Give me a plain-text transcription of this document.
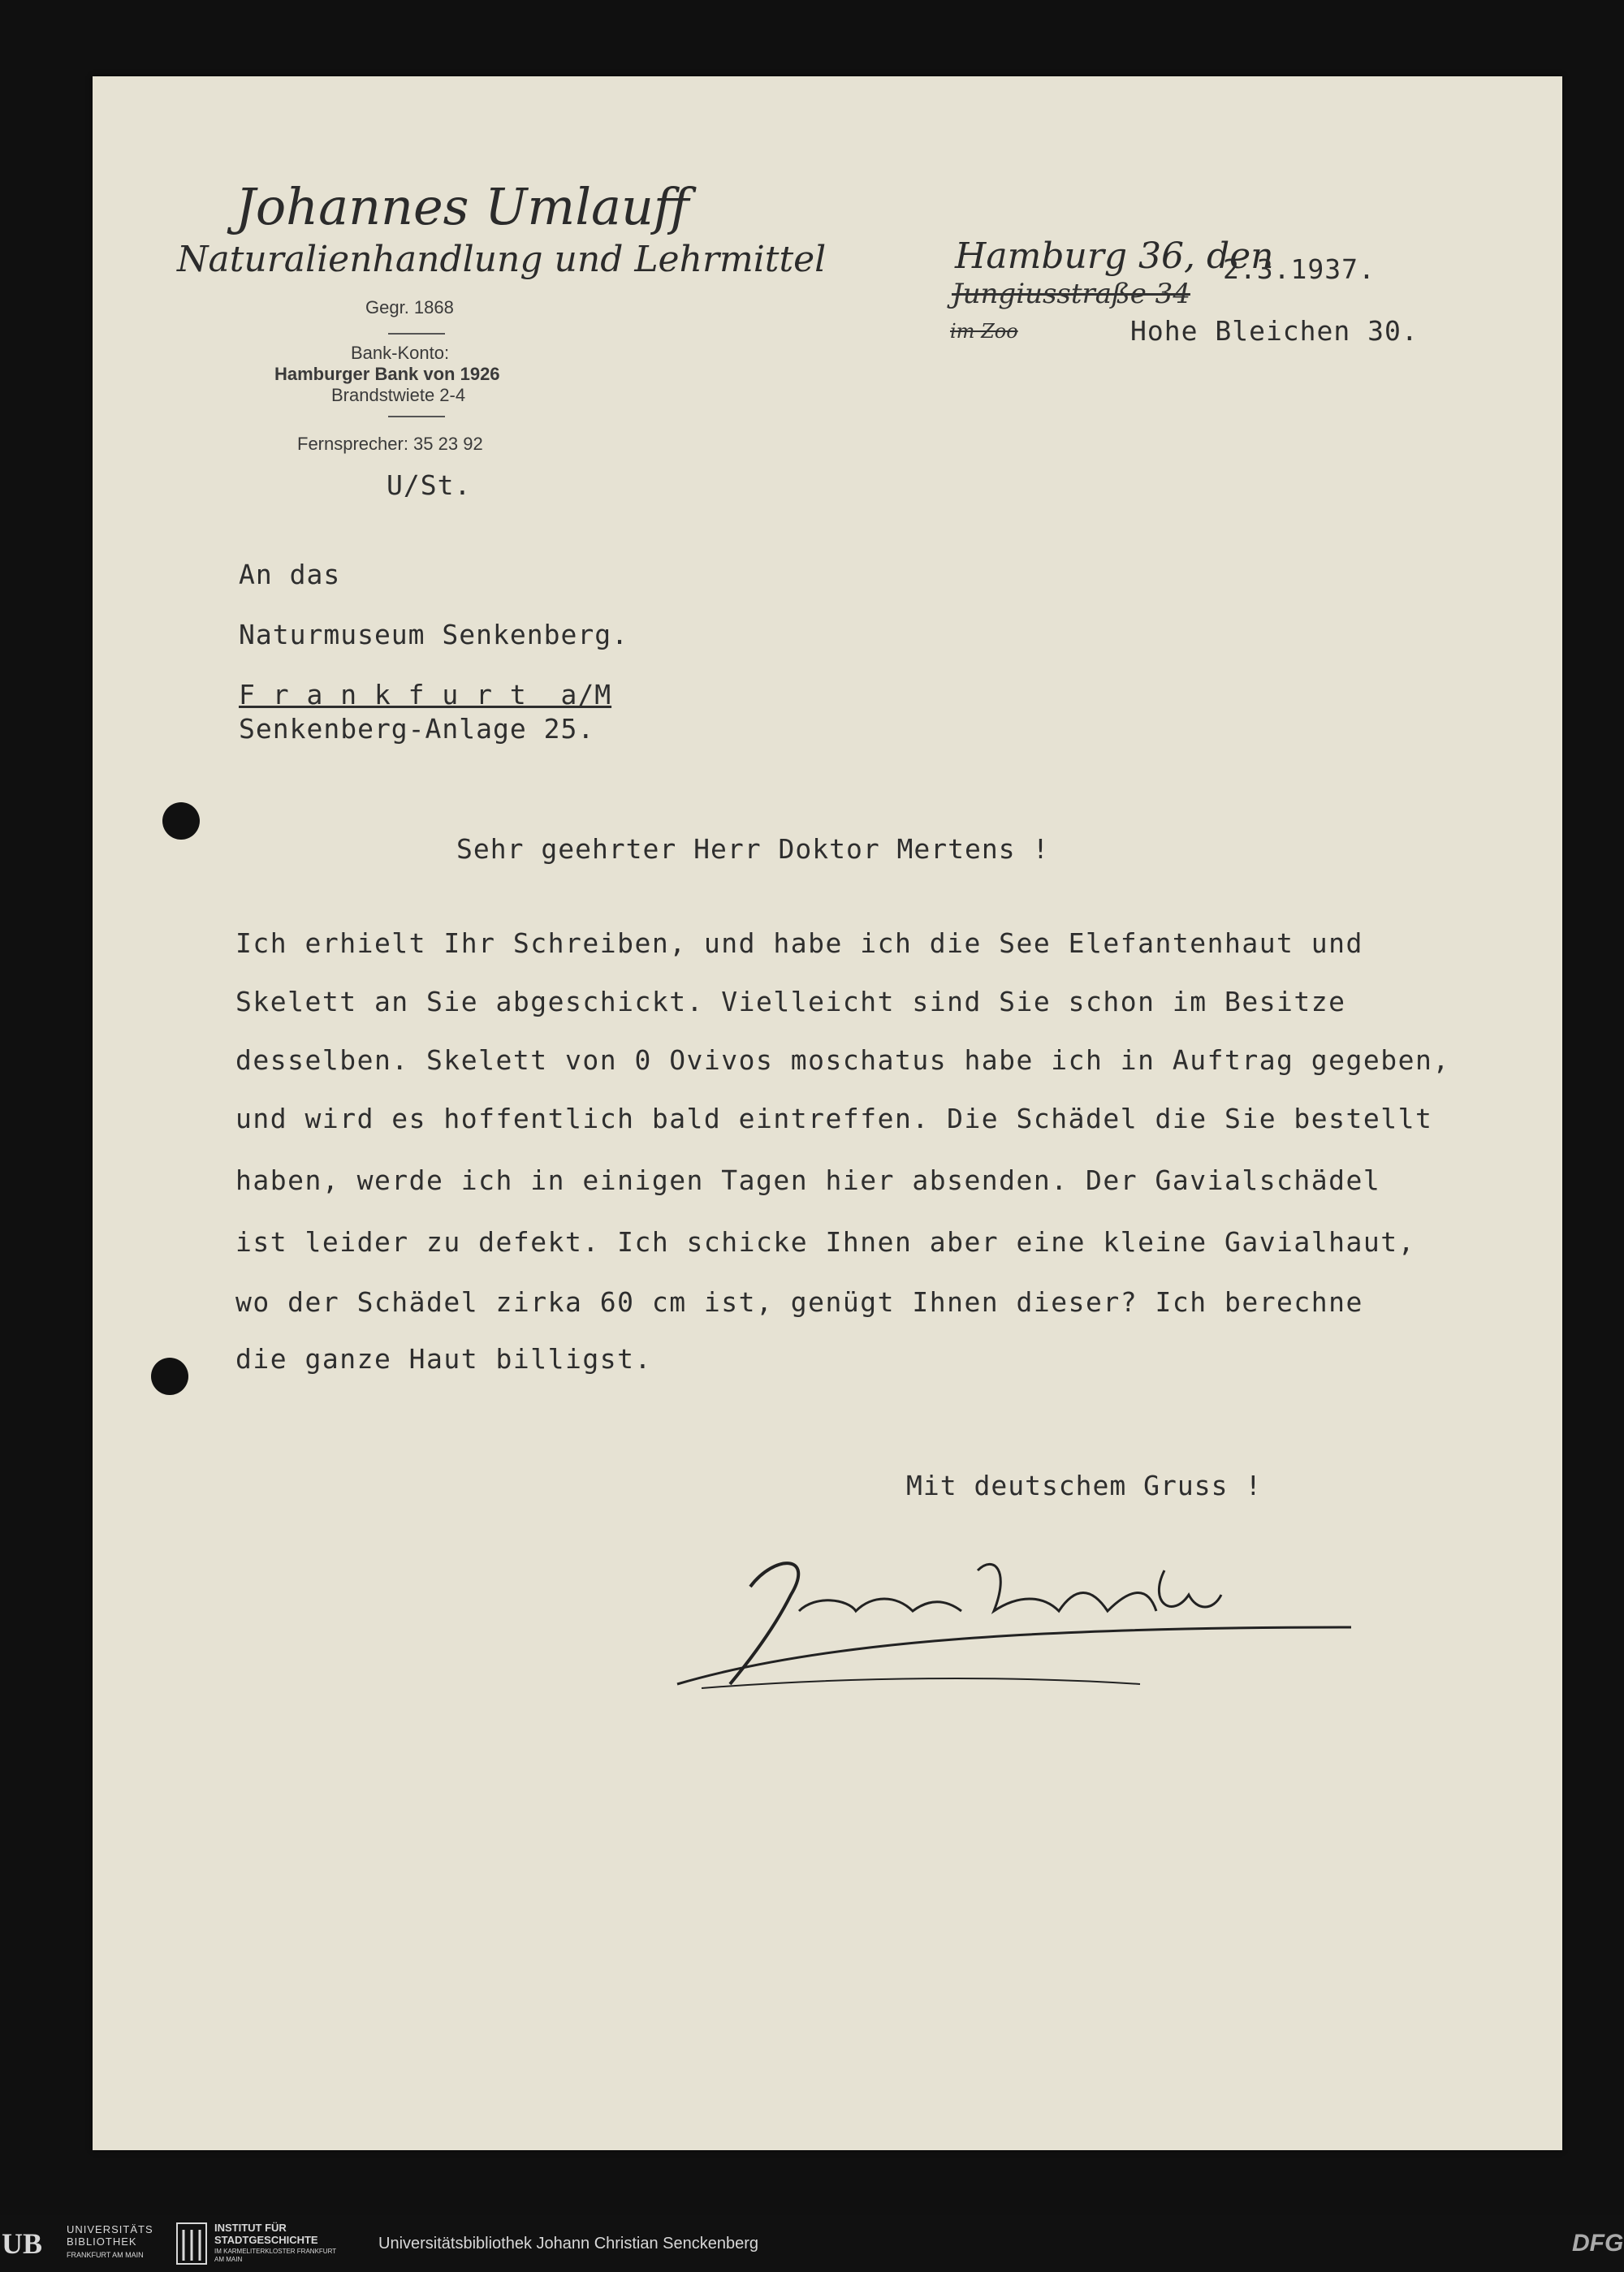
Johannes Umlauff
Naturalienhandlung und Lehrmittel
Gegr. 1868
Bank-Konto:
Hamburger Bank von 1926
Brandstwiete 2-4
Fernsprecher: 35 23 92
U/St.
Hamburg 36, den
2.3.1937.
Jungiusstraße 34
im Zoo	Hohe Bleichen 30.
An das
Naturmuseum Senkenberg.
F r a n k f u r t  a/M
Senkenberg-Anlage 25.
Sehr geehrter Herr Doktor Mertens !
Ich erhielt Ihr Schreiben, und habe ich die See Elefantenhaut und
Skelett an Sie abgeschickt. Vielleicht sind Sie schon im Besitze
desselben. Skelett von 0 Ovivos moschatus habe ich in Auftrag gegeben,
und wird es hoffentlich bald eintreffen. Die Schädel die Sie bestellt
haben, werde ich in einigen Tagen hier absenden. Der Gavialschädel
ist leider zu defekt. Ich schicke Ihnen aber eine kleine Gavialhaut,
wo der Schädel zirka 60 cm ist, genügt Ihnen dieser? Ich berechne
die ganze Haut billigst.
Mit deutschem Gruss !
UB UNIVERSITÄTS BIBLIOTHEK
FRANKFURT AM MAIN
INSTITUT FÜR STADTGESCHICHTE
IM KARMELITERKLOSTER FRANKFURT AM MAIN
Universitätsbibliothek Johann Christian Senckenberg	DFG
